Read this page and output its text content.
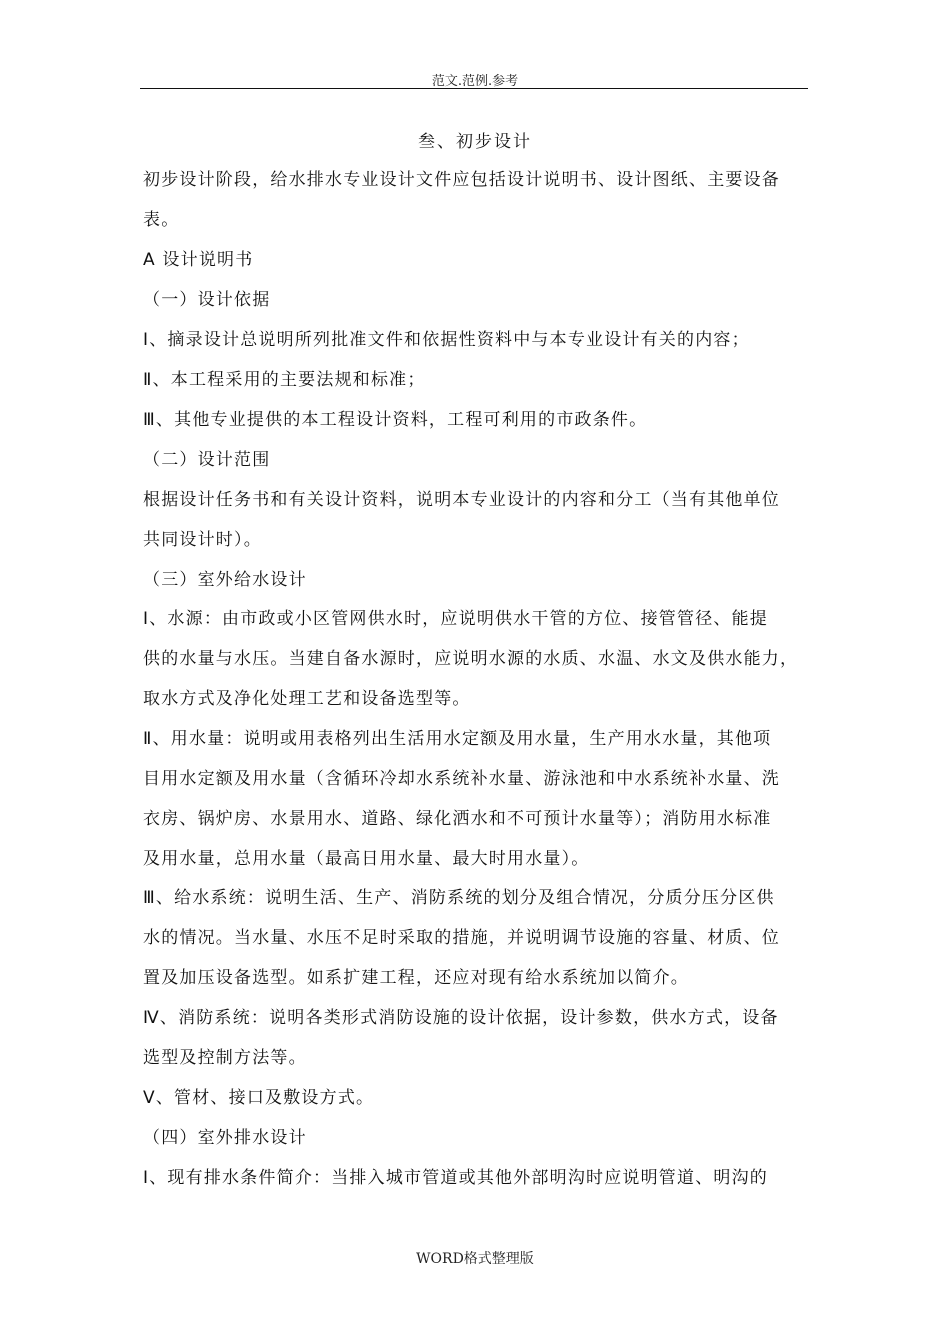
范文.范例.参考
叁、初步设计
初步设计阶段，给水排水专业设计文件应包括设计说明书、设计图纸、主要设备
表。
A 设计说明书
（一）设计依据
Ⅰ、摘录设计总说明所列批准文件和依据性资料中与本专业设计有关的内容；
Ⅱ、本工程采用的主要法规和标准；
Ⅲ、其他专业提供的本工程设计资料，工程可利用的市政条件。
（二）设计范围
根据设计任务书和有关设计资料，说明本专业设计的内容和分工（当有其他单位
共同设计时）。
（三）室外给水设计
Ⅰ、水源：由市政或小区管网供水时，应说明供水干管的方位、接管管径、能提
供的水量与水压。当建自备水源时，应说明水源的水质、水温、水文及供水能力，
取水方式及净化处理工艺和设备选型等。
Ⅱ、用水量：说明或用表格列出生活用水定额及用水量，生产用水水量，其他项
目用水定额及用水量（含循环冷却水系统补水量、游泳池和中水系统补水量、洗
衣房、锅炉房、水景用水、道路、绿化洒水和不可预计水量等）；消防用水标准
及用水量，总用水量（最高日用水量、最大时用水量）。
Ⅲ、给水系统：说明生活、生产、消防系统的划分及组合情况，分质分压分区供
水的情况。当水量、水压不足时采取的措施，并说明调节设施的容量、材质、位
置及加压设备选型。如系扩建工程，还应对现有给水系统加以简介。
Ⅳ、消防系统：说明各类形式消防设施的设计依据，设计参数，供水方式，设备
选型及控制方法等。
Ⅴ、管材、接口及敷设方式。
（四）室外排水设计
Ⅰ、现有排水条件简介：当排入城市管道或其他外部明沟时应说明管道、明沟的
WORD格式整理版
